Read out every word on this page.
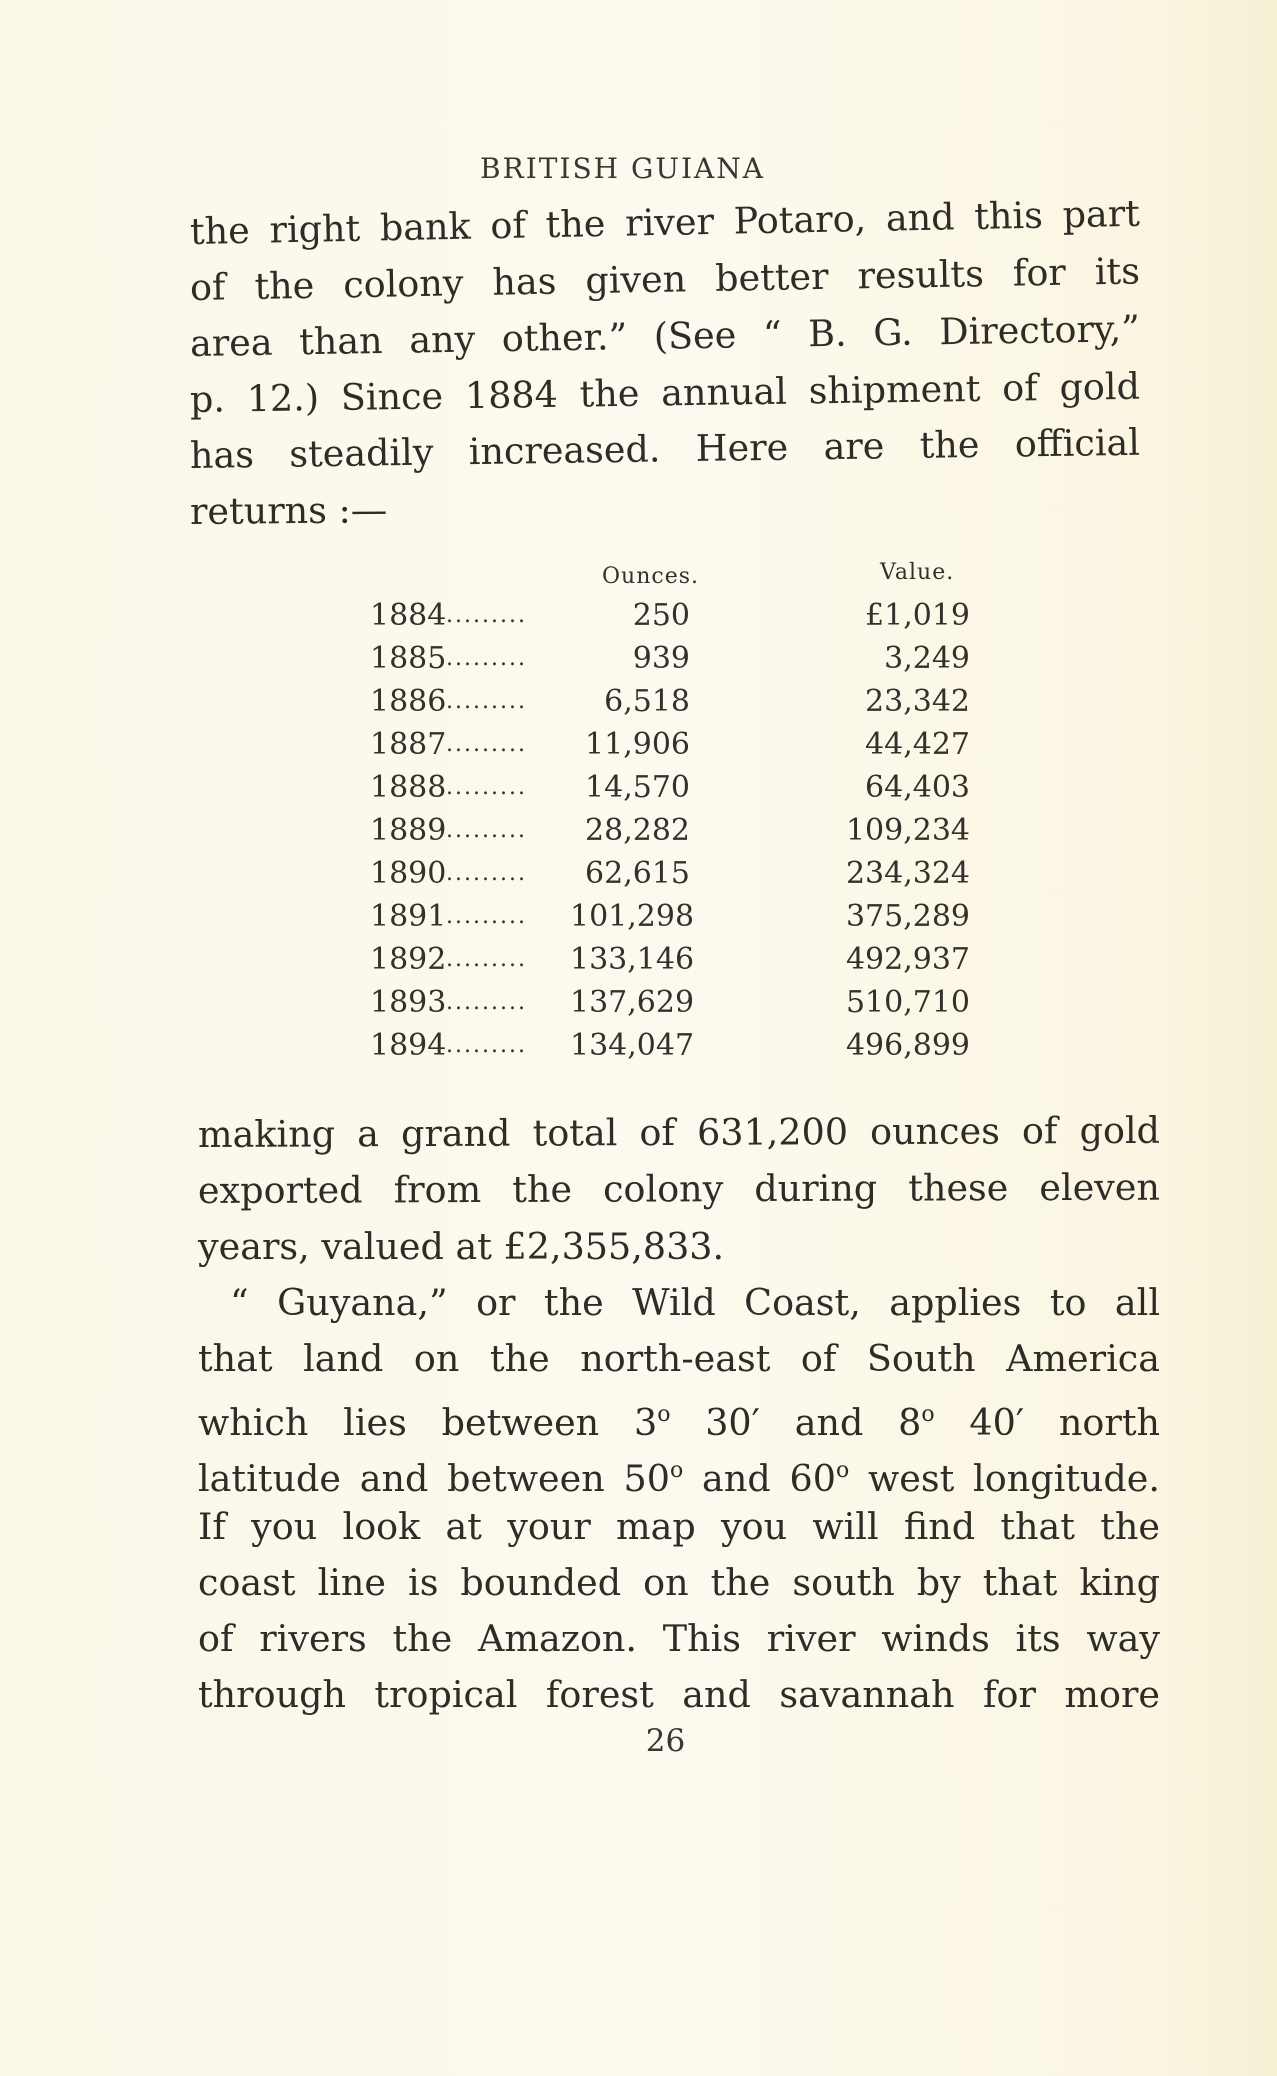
BRITISH GUIANA
the right bank of the river Potaro, and this part
of the colony has given better results for its
area than any other.” (See “ B. G. Directory,”
p. 12.) Since 1884 the annual shipment of gold
has steadily increased. Here are the official
returns :—
Ounces.	Value.
1884 .........	250	£1,019
1885 .........	939	3,249
1886 .........	6,518	23,342
1887 .........	11,906	44,427
1888 .........	14,570	64,403
1889 .........	28,282	109,234
1890 .........	62,615	234,324
1891 ......... 101,298	375,289
1892 ......... 133,146	492,937
1893 ......... 137,629	510,710
1894 ......... 134,047	496,899
making a grand total of 631,200 ounces of gold
exported from the colony during these eleven
years, valued at £2,355,833.
“ Guyana,” or the Wild Coast, applies to all
that land on the north-east of South America
which lies between 3$^o$ 30′ and 8$^o$ 40′ north
latitude and between 50$^o$ and 60$^o$ west longitude.
If you look at your map you will find that the
coast line is bounded on the south by that king
of rivers the Amazon. This river winds its way
through tropical forest and savannah for more
26
